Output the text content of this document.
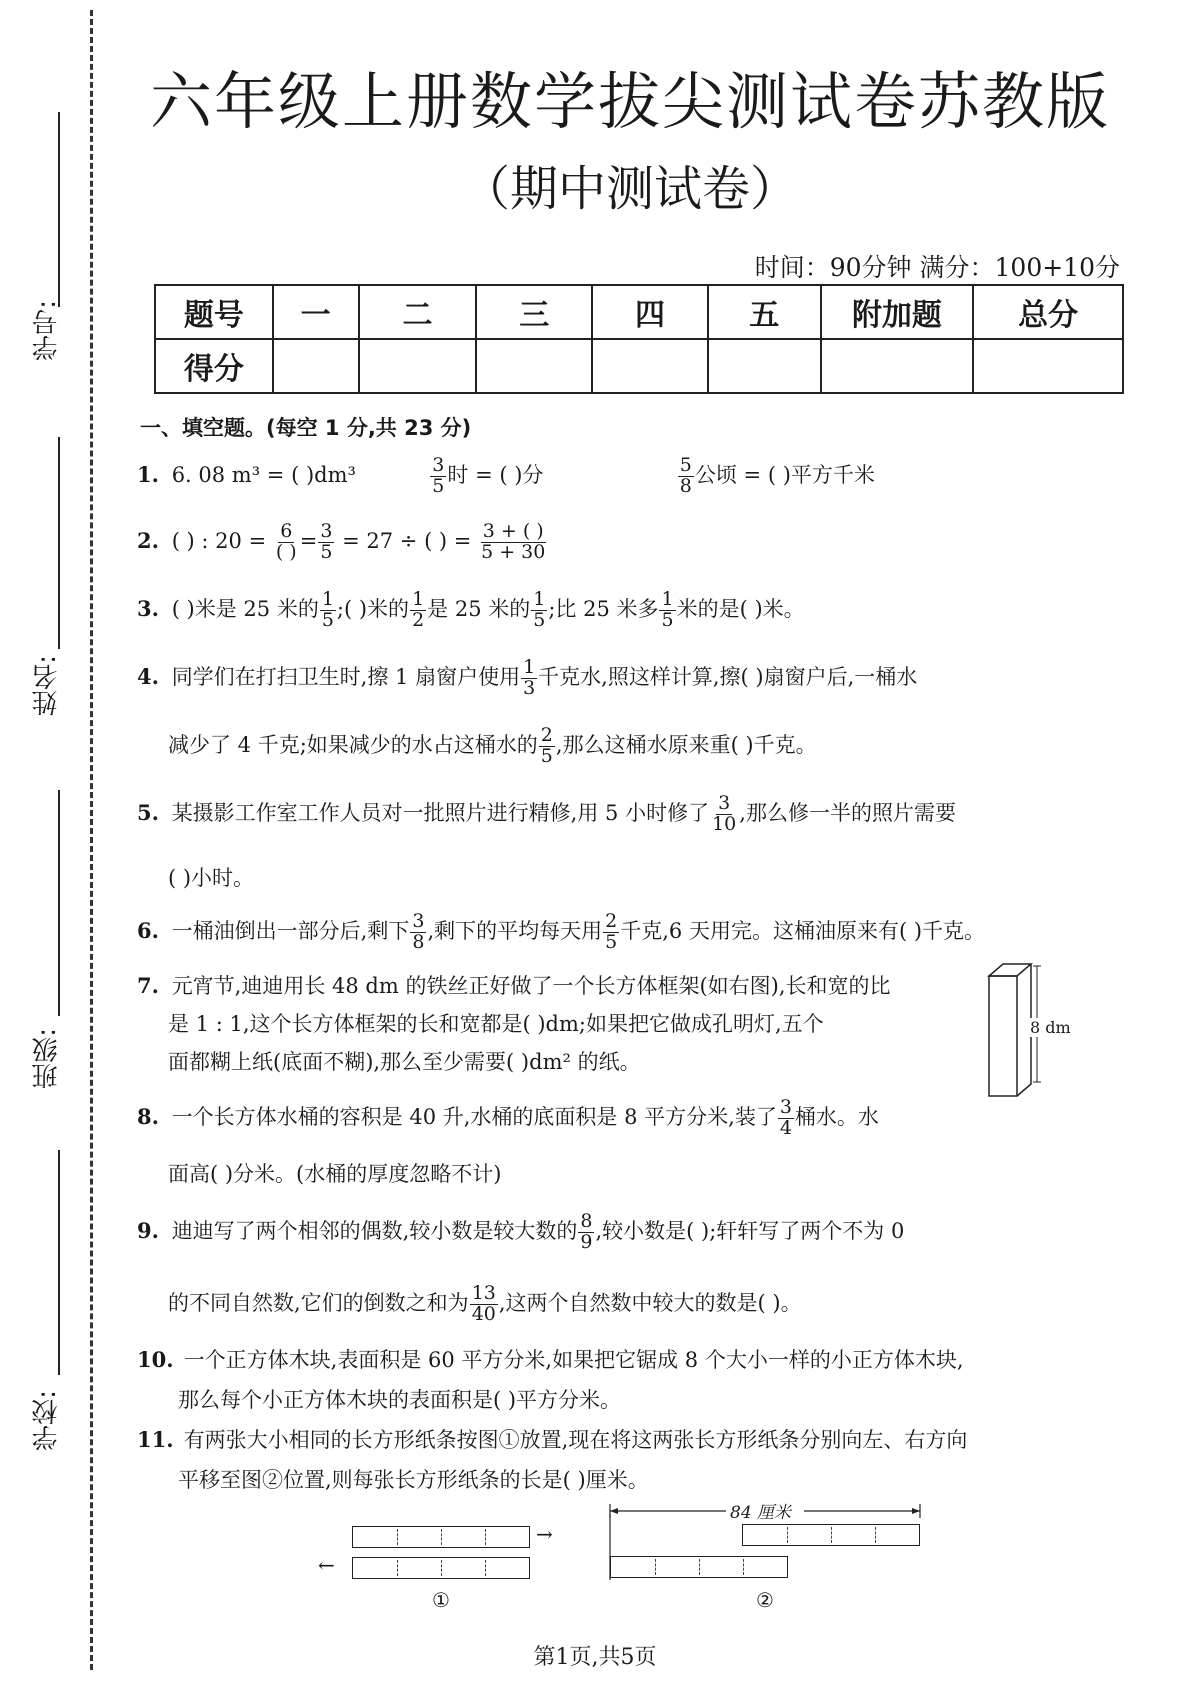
学号:
姓名:
班级:
学校:
六年级上册数学拔尖测试卷苏教版
（期中测试卷）
时间：90分钟 满分：100+10分
题号	一	二	三	四	五	附加题	总分
得分							
一、填空题。(每空 1 分,共 23 分)
1. 6. 08 m³ = ( )dm³	$\frac{3}{5}$ 时 = ( )分	$\frac{5}{8}$ 公顷 = ( )平方千米
2. ( ) : $20 = \frac{6}{( )} = \frac{3}{5} = 27$ ÷ ( ) = $\frac{3 + ( )}{5 + 30}$
3. ( )米是 25 米的 $\frac{1}{5}$ ;( )米的 $\frac{1}{2}$ 是 25 米的 $\frac{1}{5}$ ;比 25 米多 $\frac{1}{5}$ 米的是( )米。
4. 同学们在打扫卫生时,擦 1 扇窗户使用 $\frac{1}{3}$ 千克水,照这样计算,擦( )扇窗户后,一桶水
减少了 4 千克;如果减少的水占这桶水的 $\frac{2}{5}$ ,那么这桶水原来重( )千克。
5. 某摄影工作室工作人员对一批照片进行精修,用 5 小时修了 $\frac{3}{10}$ ,那么修一半的照片需要
( )小时。
6. 一桶油倒出一部分后,剩下 $\frac{3}{8}$ ,剩下的平均每天用 $\frac{2}{5}$ 千克,6 天用完。这桶油原来有( )千克。
7. 元宵节,迪迪用长 48 dm 的铁丝正好做了一个长方体框架(如右图),长和宽的比
是 1 : 1,这个长方体框架的长和宽都是( )dm;如果把它做成孔明灯,五个
面都糊上纸(底面不糊),那么至少需要( )dm² 的纸。
8 dm
8. 一个长方体水桶的容积是 40 升,水桶的底面积是 8 平方分米,装了 $\frac{3}{4}$ 桶水。水
面高( )分米。(水桶的厚度忽略不计)
9. 迪迪写了两个相邻的偶数,较小数是较大数的 $\frac{8}{9}$ ,较小数是( );轩轩写了两个不为 0
的不同自然数,它们的倒数之和为 $\frac{13}{40}$ ,这两个自然数中较大的数是( )。
10. 一个正方体木块,表面积是 60 平方分米,如果把它锯成 8 个大小一样的小正方体木块,
那么每个小正方体木块的表面积是( )平方分米。
11. 有两张大小相同的长方形纸条按图①放置,现在将这两张长方形纸条分别向左、右方向
平移至图②位置,则每张长方形纸条的长是( )厘米。
→
←
①
84 厘米
②
第1页,共5页
